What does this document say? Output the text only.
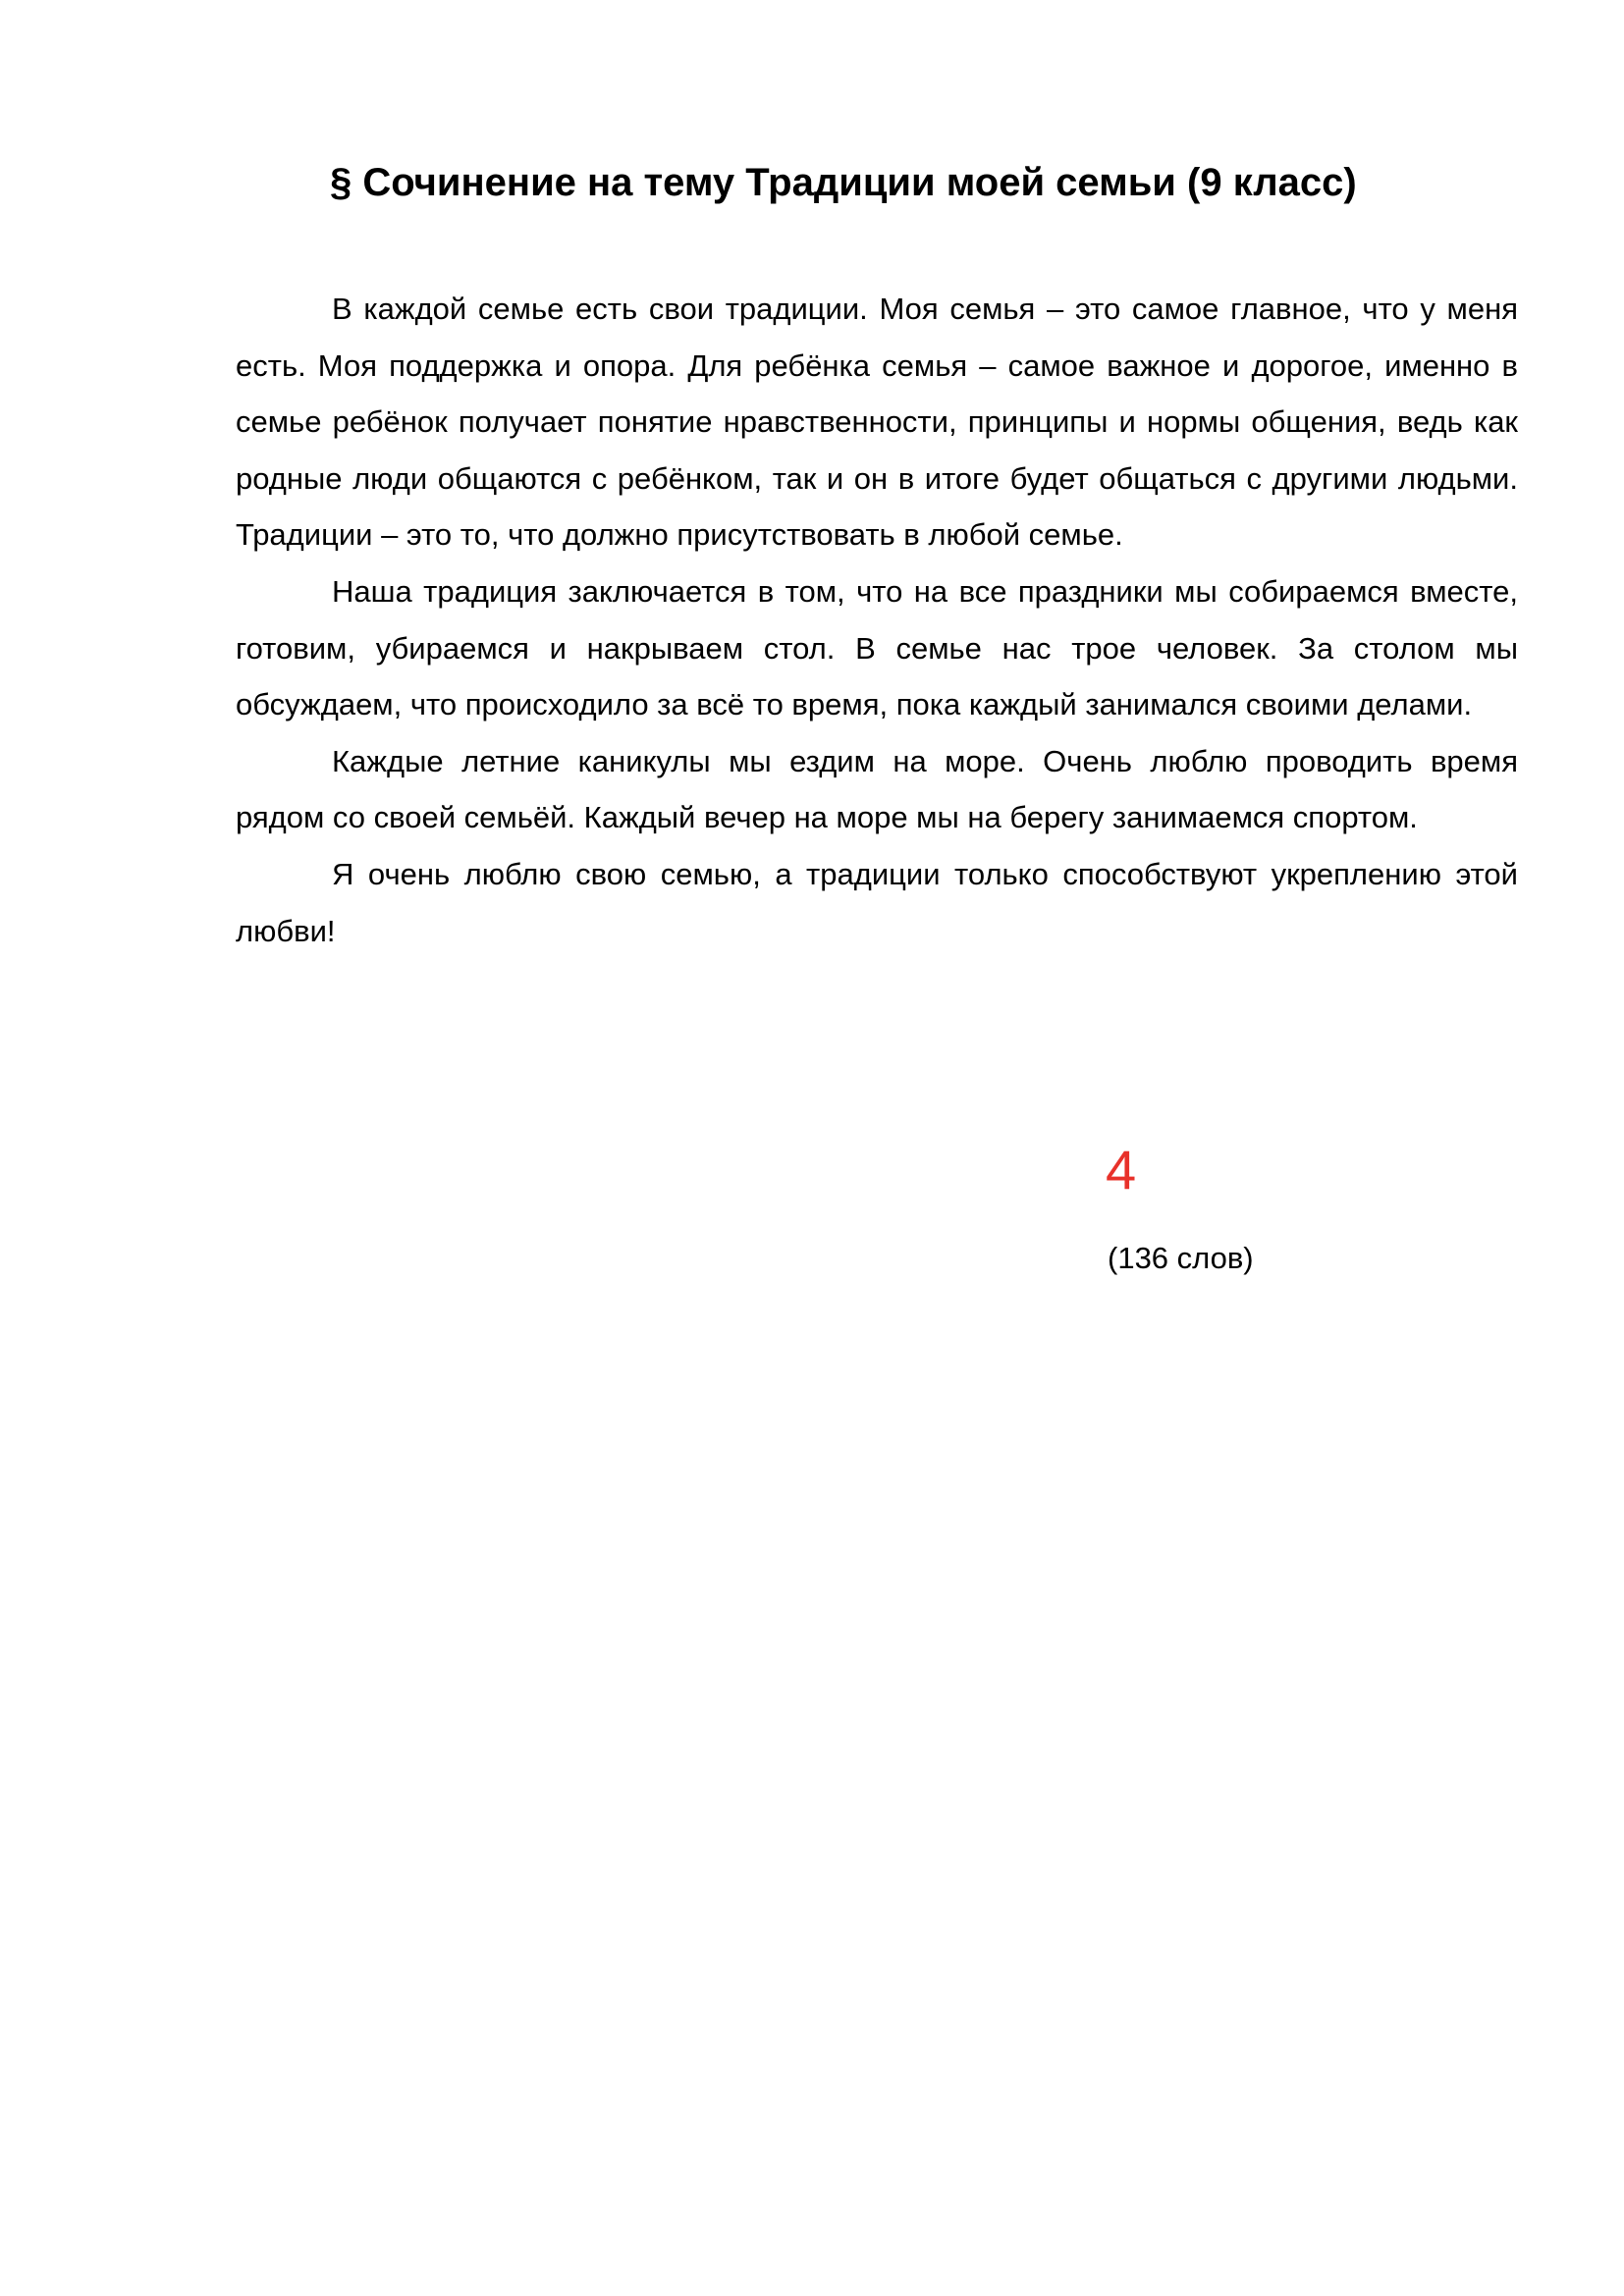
§ Сочинение на тему Традиции моей семьи (9 класс)

В каждой семье есть свои традиции. Моя семья – это самое главное, что у меня есть. Моя поддержка и опора. Для ребёнка семья – самое важное и дорогое, именно в семье ребёнок получает понятие нравственности, принципы и нормы общения, ведь как родные люди общаются с ребёнком, так и он в итоге будет общаться с другими людьми. Традиции – это то, что должно присутствовать в любой семье.

Наша традиция заключается в том, что на все праздники мы собираемся вместе, готовим, убираемся и накрываем стол. В семье нас трое человек. За столом мы обсуждаем, что происходило за всё то время, пока каждый занимался своими делами.

Каждые летние каникулы мы ездим на море. Очень люблю проводить время рядом со своей семьёй. Каждый вечер на море мы на берегу занимаемся спортом.

Я очень люблю свою семью, а традиции только способствуют укреплению этой любви!

4
(136 слов)
